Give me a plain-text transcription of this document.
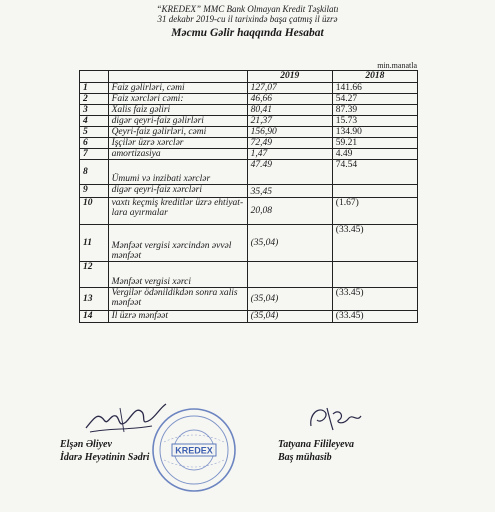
“KREDEX” MMC Bank Olmayan Kredit Təşkilatı
31 dekabr 2019-cu il tarixində başa çatmış il üzrə
Məcmu Gəlir haqqında Hesabat
min.manatla
		2019	2018
1	Faiz gəlirləri, cəmi	127,07	141.66
2	Faiz xərcləri cəmi:	46,66	54.27
3	Xalis faiz gəliri	80,41	87.39
4	digər qeyri-faiz gəlirləri	21,37	15.73
5	Qeyri-faiz gəlirləri, cəmi	156,90	134.90
6	İşçilər üzrə xərclər	72,49	59.21
7	amortizasiya	1,47	4.49
8	Ümumi və inzibati xərclər	47.49	74.54
9	digər qeyri-faiz xərcləri	35,45	
10	vaxtı keçmiş kreditlər üzrə ehtiyat-lara ayırmalar	20,08	(1.67)
11	Mənfəət vergisi xərcindən əvvəl mənfəət	(35,04)	(33.45)
12	Mənfəət vergisi xərci		
13	Vergilər ödənildikdən sonra xalis mənfəət	(35,04)	(33.45)
14	İl üzrə mənfəət	(35,04)	(33.45)
KREDEX
Elşən Əliyev
İdarə Heyətinin Sədri
Tatyana Filileyeva
Baş mühasib
